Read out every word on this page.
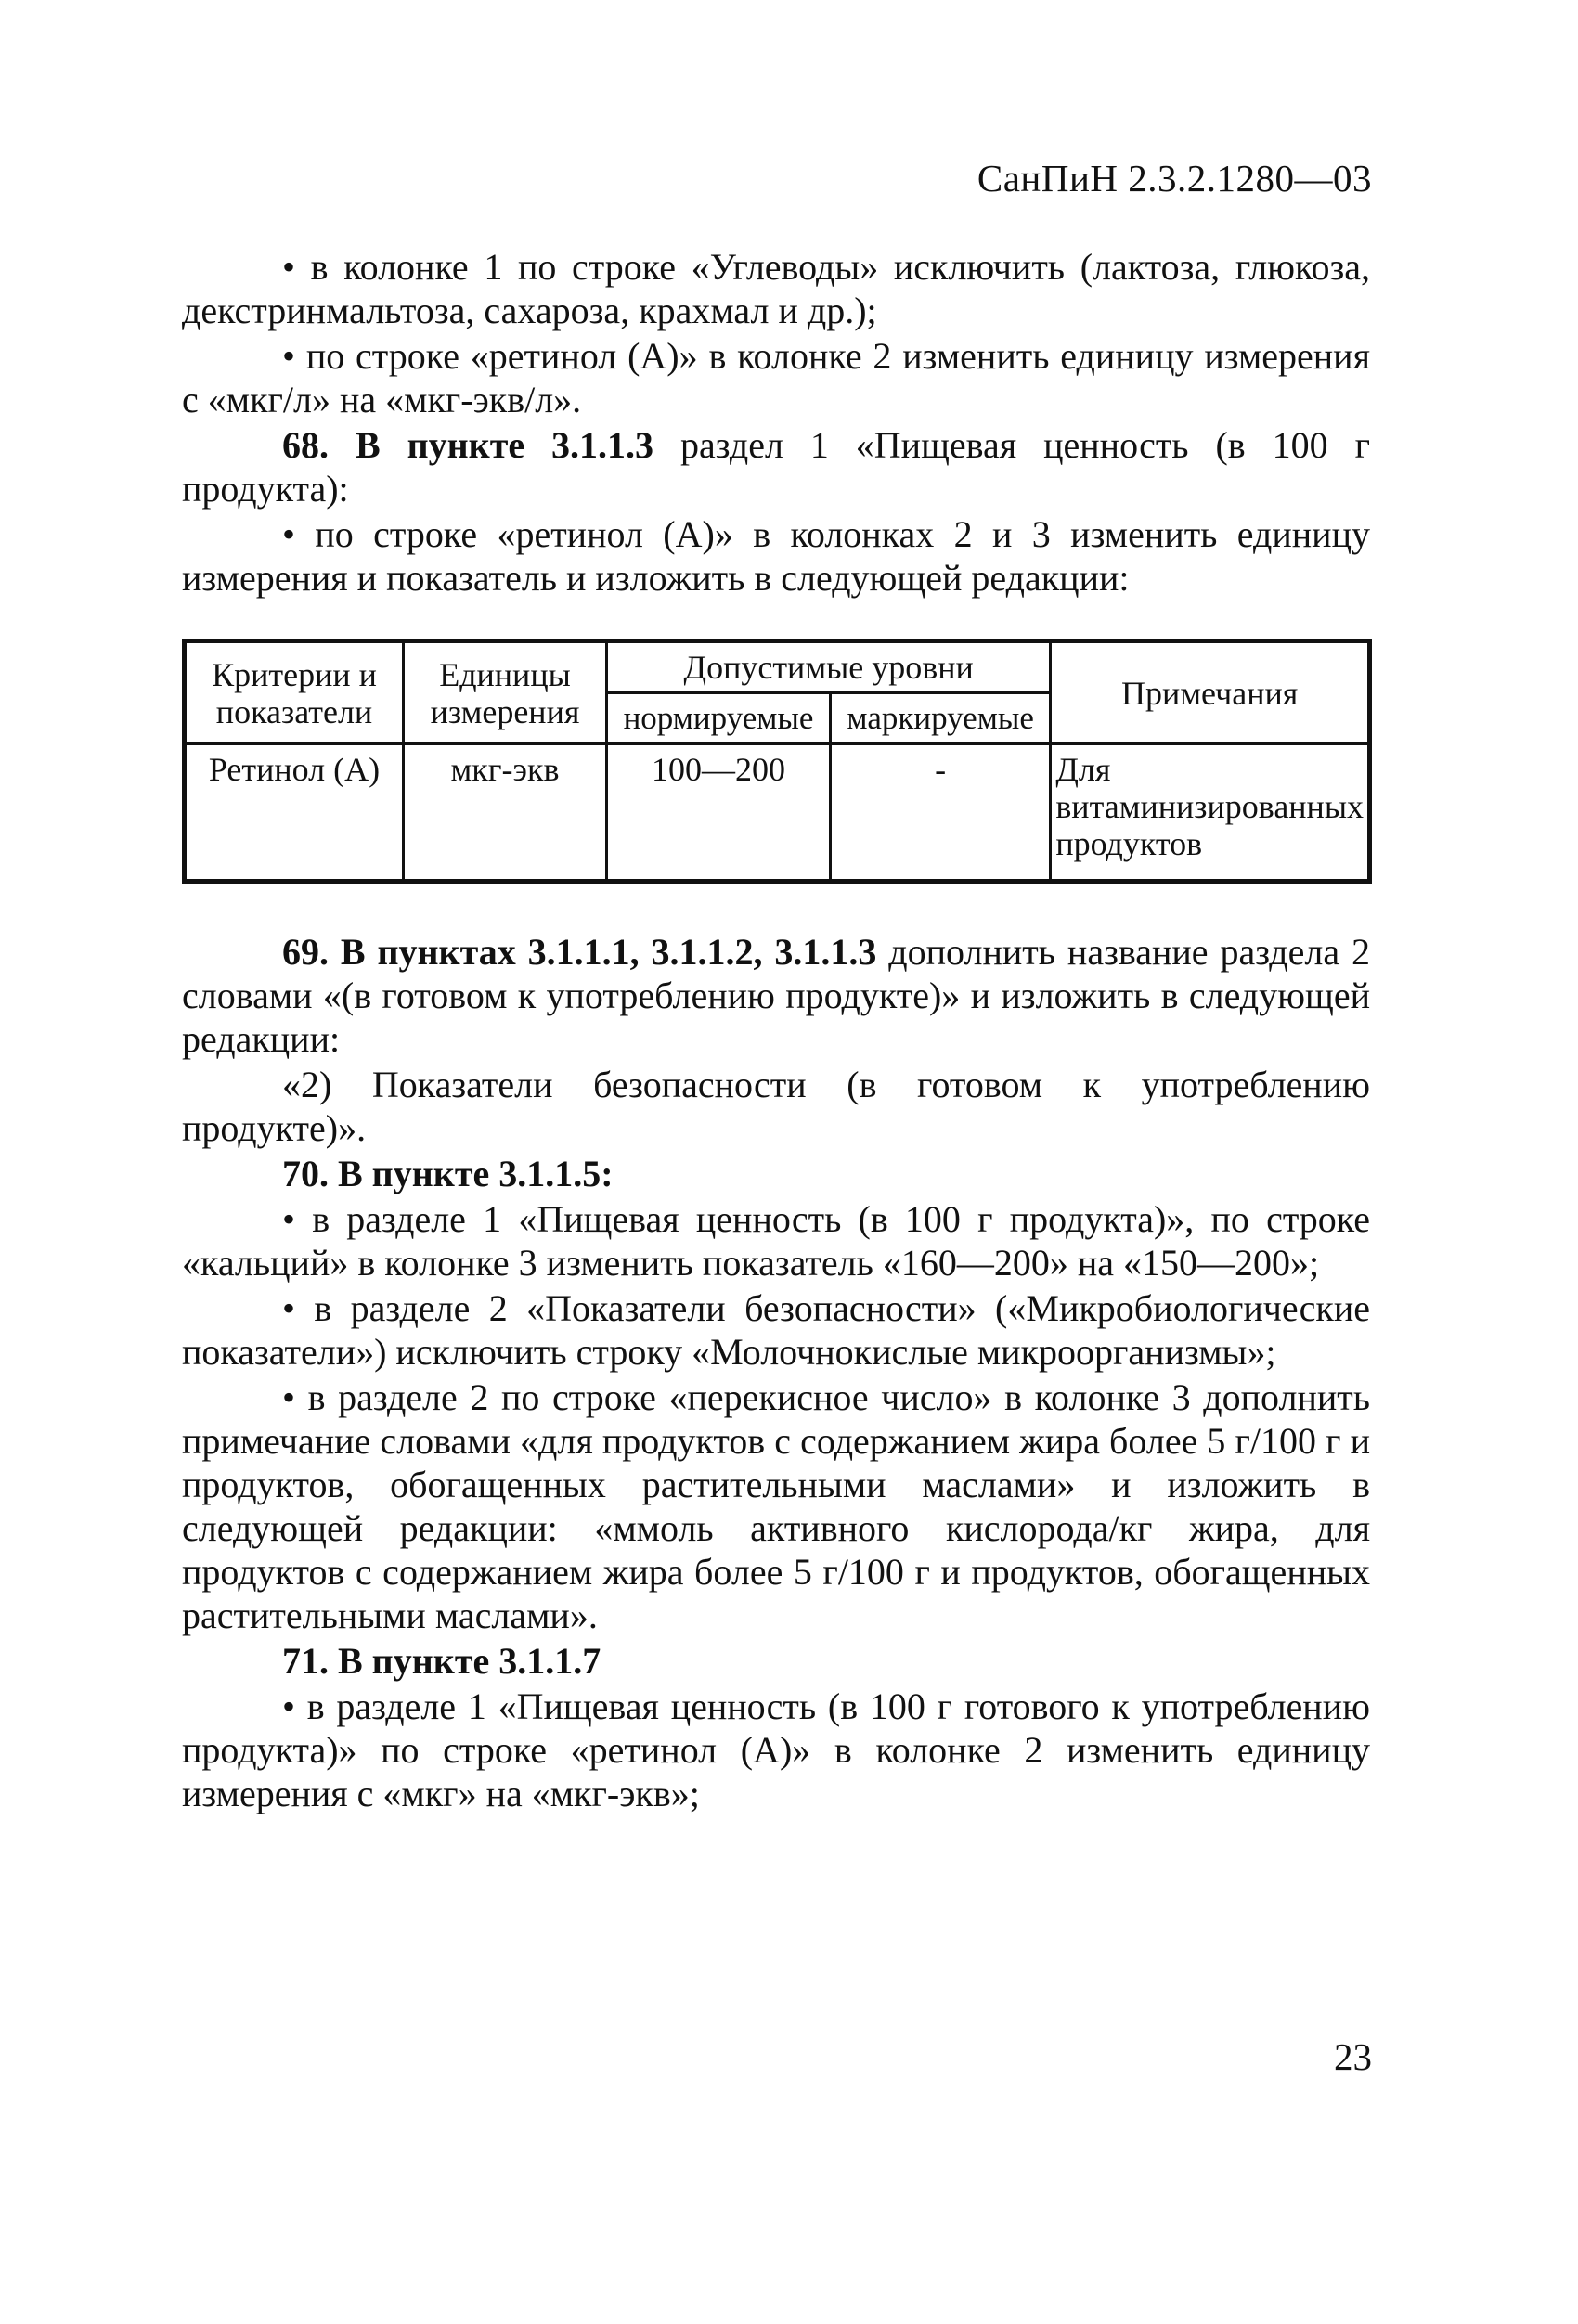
СанПиН 2.3.2.1280—03

• в колонке 1 по строке «Углеводы» исключить (лактоза, глюкоза, декстринмальтоза, сахароза, крахмал и др.);

• по строке «ретинол (А)» в колонке 2 изменить единицу измерения с «мкг/л» на «мкг-экв/л».

68. В пункте 3.1.1.3 раздел 1 «Пищевая ценность (в 100 г продукта):

• по строке «ретинол (А)» в колонках 2 и 3 изменить единицу измерения и показатель и изложить в следующей редакции:

Критерии и показатели	Единицы измерения	Допустимые уровни		Примечания
		нормируемые	маркируемые	
Ретинол (А)	мкг-экв	100—200	-	Для витаминизированных продуктов

69. В пунктах 3.1.1.1, 3.1.1.2, 3.1.1.3 дополнить название раздела 2 словами «(в готовом к употреблению продукте)» и изложить в следующей редакции:

«2) Показатели безопасности (в готовом к употреблению продукте)».

70. В пункте 3.1.1.5:

• в разделе 1 «Пищевая ценность (в 100 г продукта)», по строке «кальций» в колонке 3 изменить показатель «160—200» на «150—200»;

• в разделе 2 «Показатели безопасности» («Микробиологические показатели») исключить строку «Молочнокислые микроорганизмы»;

• в разделе 2 по строке «перекисное число» в колонке 3 дополнить примечание словами «для продуктов с содержанием жира более 5 г/100 г и продуктов, обогащенных растительными маслами» и изложить в следующей редакции: «ммоль активного кислорода/кг жира, для продуктов с содержанием жира более 5 г/100 г и продуктов, обогащенных растительными маслами».

71. В пункте 3.1.1.7

• в разделе 1 «Пищевая ценность (в 100 г готового к употреблению продукта)» по строке «ретинол (А)» в колонке 2 изменить единицу измерения с «мкг» на «мкг-экв»;

23
